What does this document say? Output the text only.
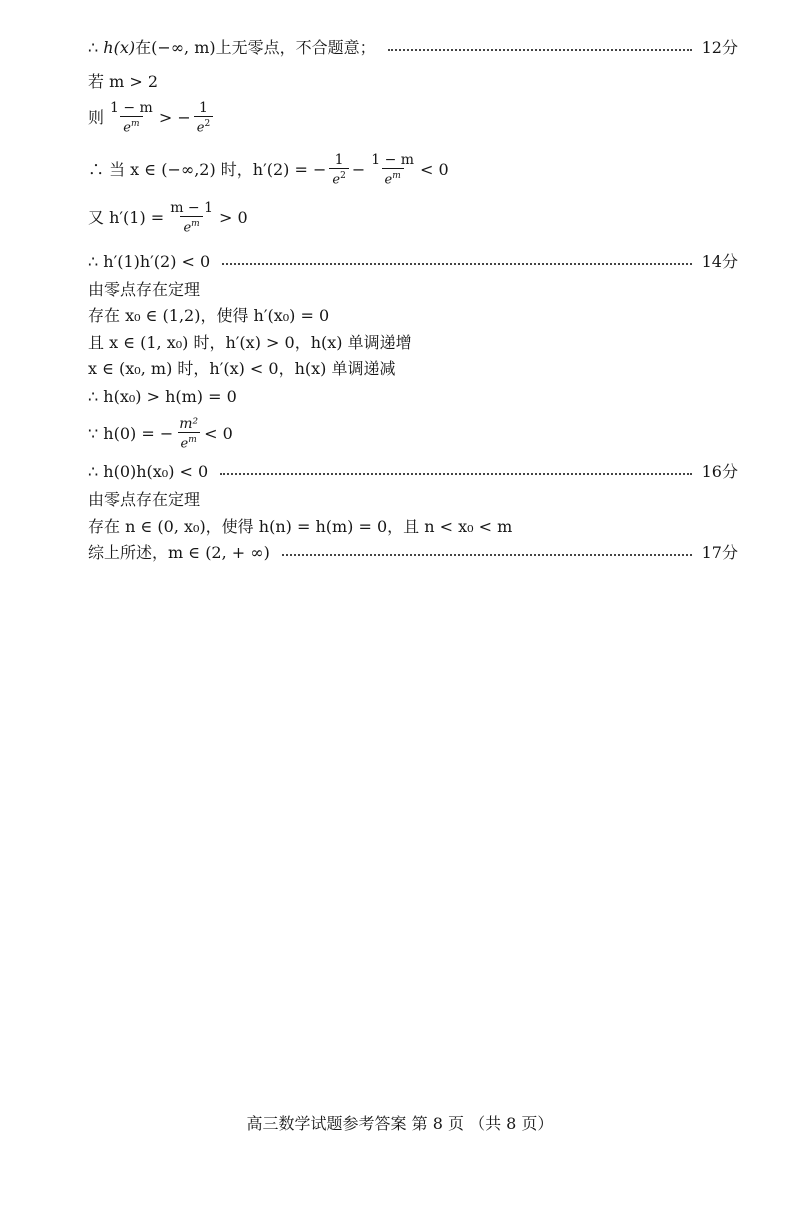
∴ h(x)在(−∞, m)上无零点，不合题意；	12分
若 m > 2
则 $\frac{1 - m}{e^m}$ > − $\frac{1}{e^2}$
∴ 当 x ∈ (−∞,2) 时，h′(2) = − $\frac{1}{e^2} - \frac{1 - m}{e^m} < 0$
又 $h'(1) = \frac{m - 1}{e^m} > 0$
∴ h′(1)h′(2) < 0	14分
由零点存在定理
存在 x₀ ∈ (1,2)，使得 h′(x₀) = 0
且 x ∈ (1, x₀) 时，h′(x) > 0，h(x) 单调递增
x ∈ (x₀, m) 时，h′(x) < 0，h(x) 单调递减
∴ h(x₀) > h(m) = 0
∵ h(0) = − $\frac{\text{m²}}{e^m} < 0$
∴ h(0)h(x₀) < 0	16分
由零点存在定理
存在 n ∈ (0, x₀)，使得 h(n) = h(m) = 0，且 n < x₀ < m
综上所述，m ∈ (2, + ∞)	17分
高三数学试题参考答案 第 8 页 （共 8 页）
